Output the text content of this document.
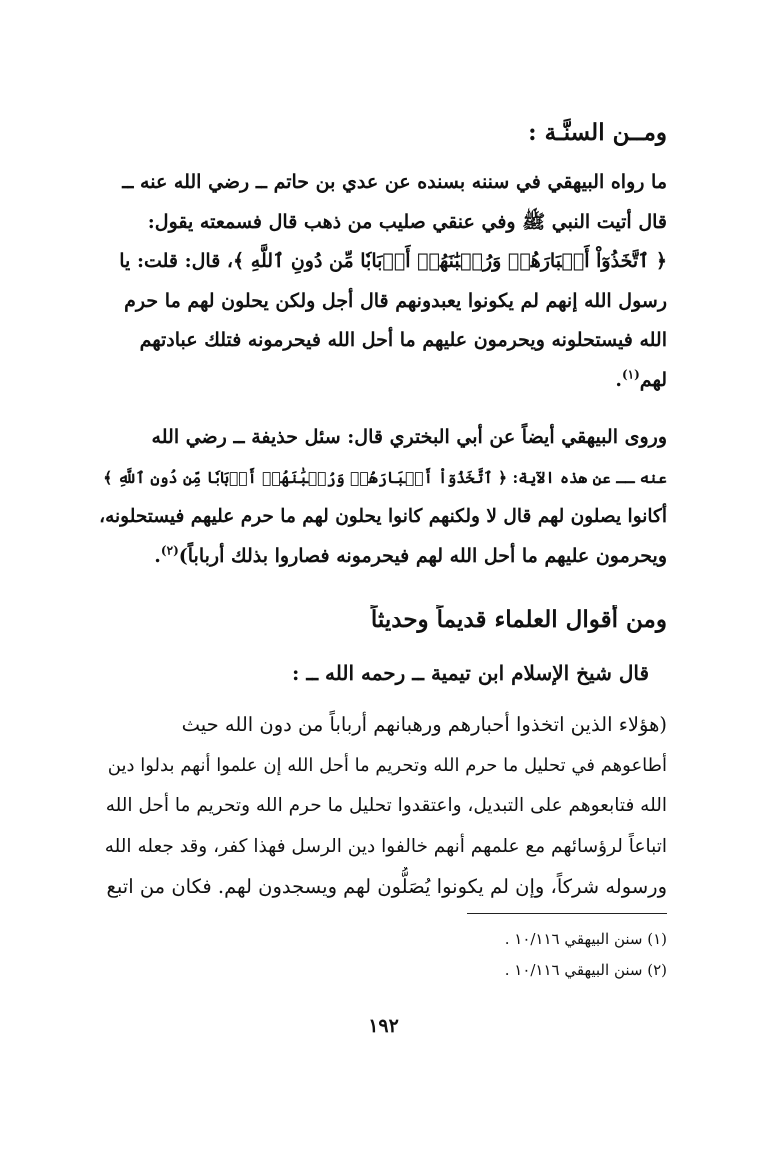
ومــن السنَّـة :
ما رواه البيهقي في سننه بسنده عن عدي بن حاتم ــ رضي الله عنه ــ
قال أتيت النبي ﷺ وفي عنقي صليب من ذهب قال فسمعته يقول:
﴿ ٱتَّخَذُوٓاْ أَحۡبَارَهُمۡ وَرُهۡبَٰنَهُمۡ أَرۡبَابٗا مِّن دُونِ ٱللَّهِ ﴾، قال: قلت: يا
رسول الله إنهم لم يكونوا يعبدونهم قال أجل ولكن يحلون لهم ما حرم
الله فيستحلونه ويحرمون عليهم ما أحل الله فيحرمونه فتلك عبادتهم
لهم$^{(١)}$.
وروى البيهقي أيضاً عن أبي البختري قال: سئل حذيفة ــ رضي الله
عنه ــ عن هذه الآية: ﴿ ٱتَّخَذُوٓاْ أَحۡبَارَهُمۡ وَرُهۡبَٰنَهُمۡ أَرۡبَابٗا مِّن دُونِ ٱللَّهِ ﴾
أكانوا يصلون لهم قال لا ولكنهم كانوا يحلون لهم ما حرم عليهم فيستحلونه،
ويحرمون عليهم ما أحل الله لهم فيحرمونه فصاروا بذلك أرباباً)$^{(٢)}$.
ومن أقوال العلماء قديماً وحديثاً
قال شيخ الإسلام ابن تيمية ــ رحمه الله ــ :
(هؤلاء الذين اتخذوا أحبارهم ورهبانهم أرباباً من دون الله حيث
أطاعوهم في تحليل ما حرم الله وتحريم ما أحل الله إن علموا أنهم بدلوا دين
الله فتابعوهم على التبديل، واعتقدوا تحليل ما حرم الله وتحريم ما أحل الله
اتباعاً لرؤسائهم مع علمهم أنهم خالفوا دين الرسل فهذا كفر، وقد جعله الله
ورسوله شركاً، وإن لم يكونوا يُصَلُّون لهم ويسجدون لهم. فكان من اتبع
(١) سنن البيهقي ١٠/١١٦ .
(٢) سنن البيهقي ١٠/١١٦ .
١٩٢
